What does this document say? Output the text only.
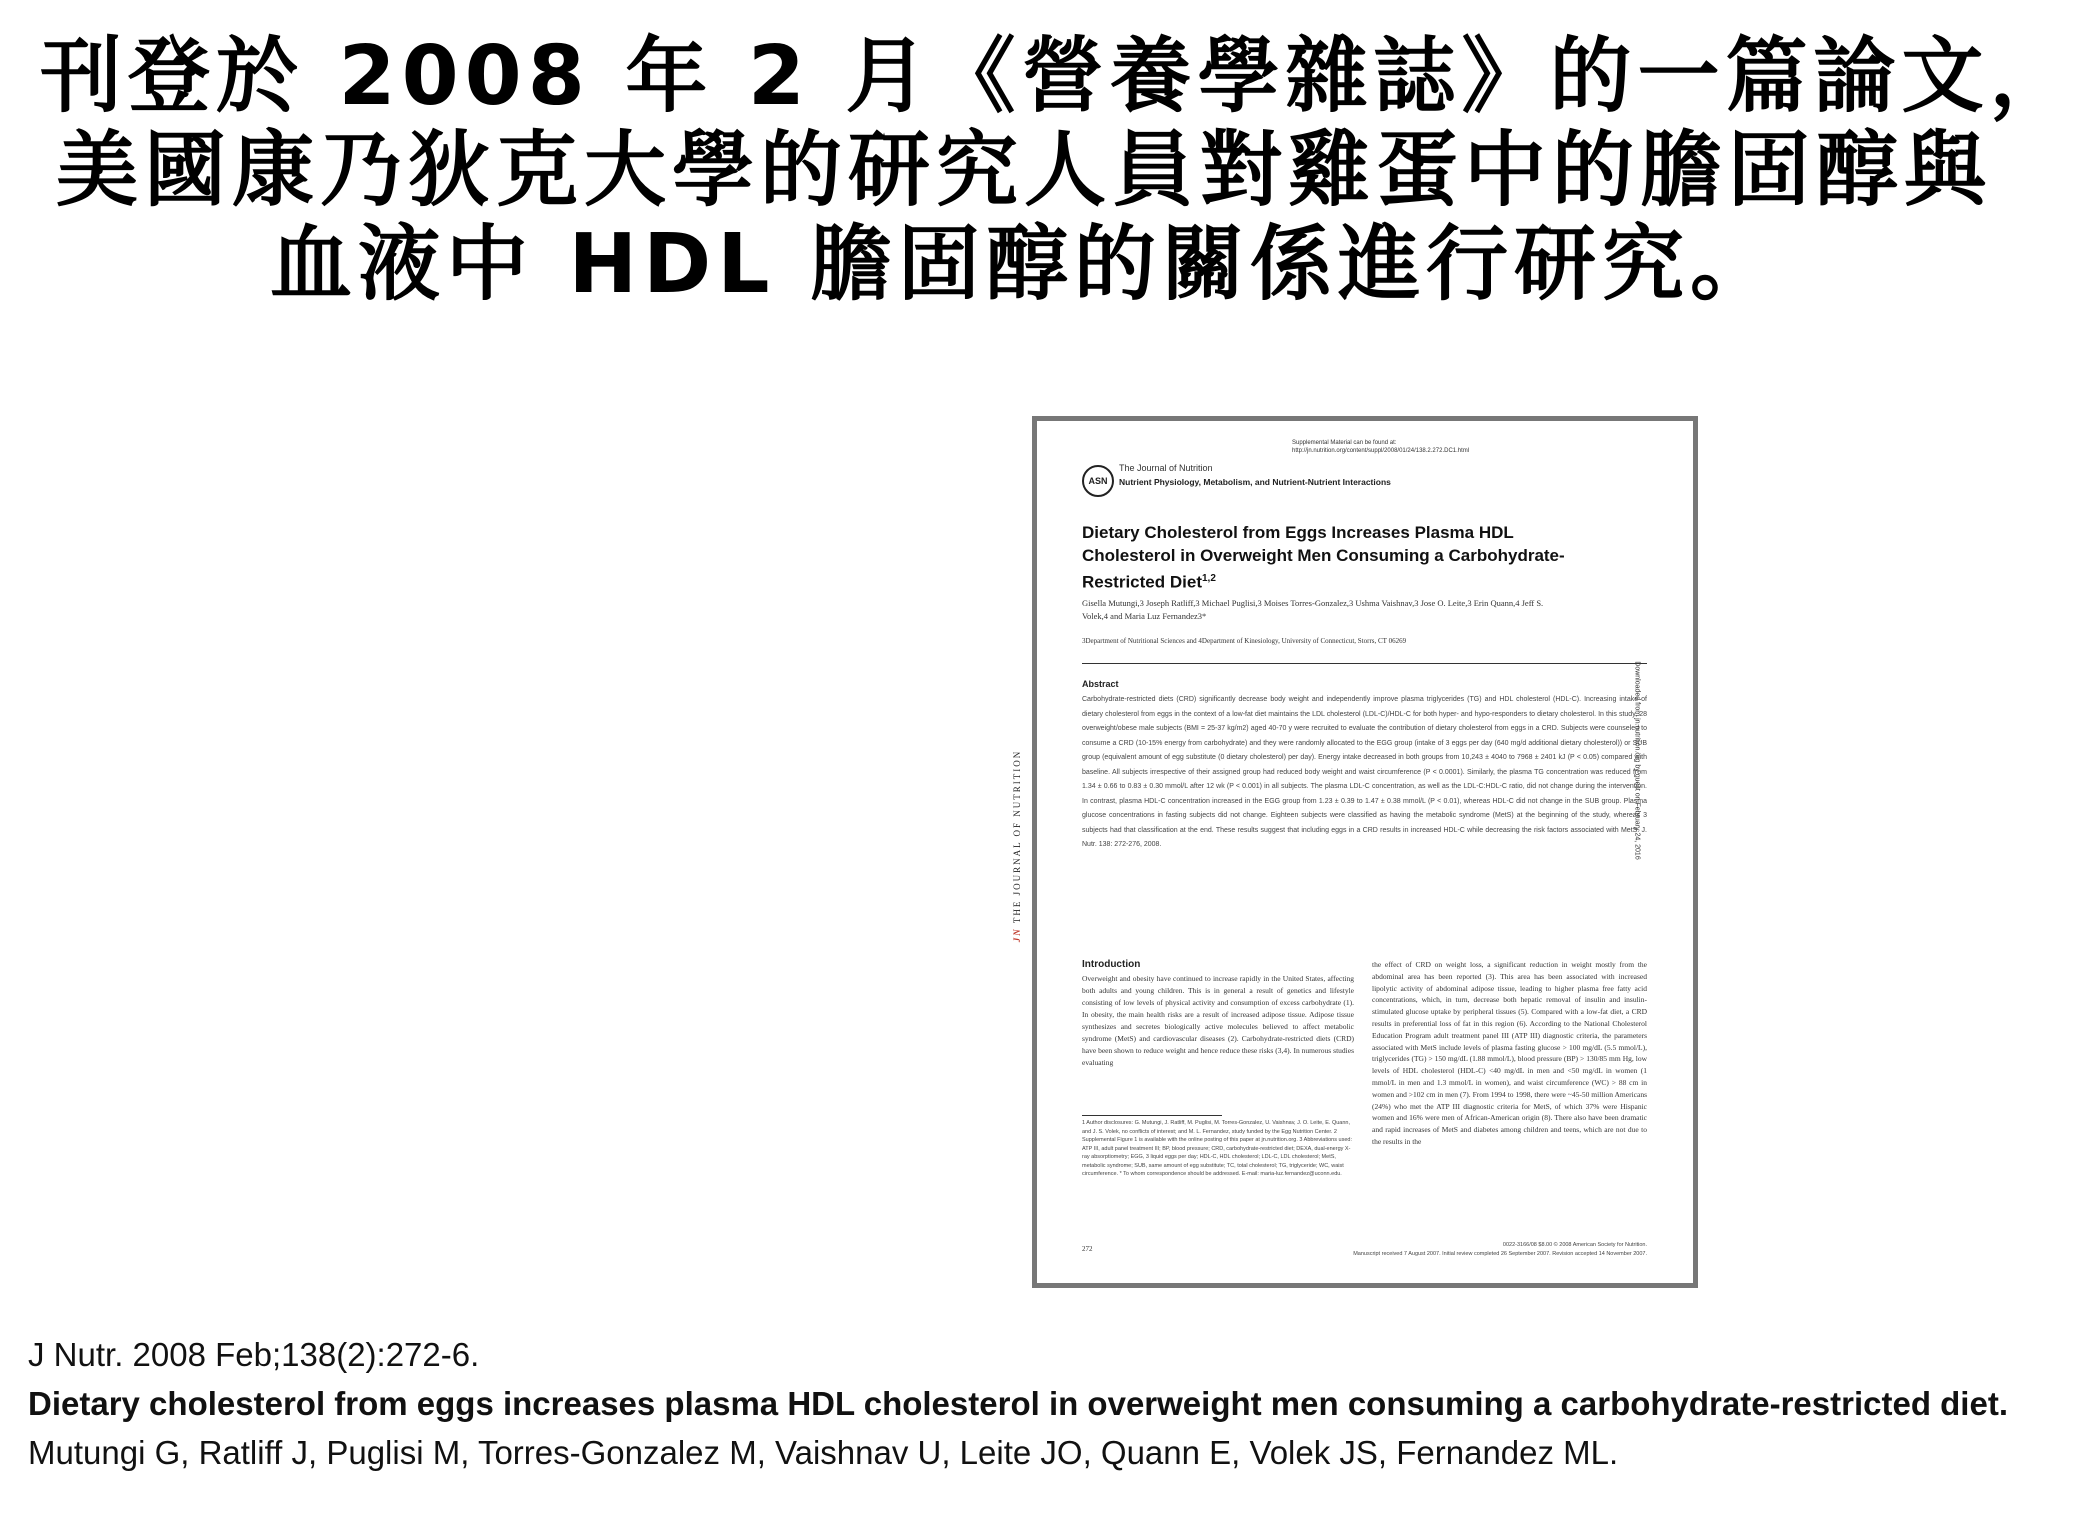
刊登於 2008 年 2 月《營養學雜誌》的一篇論文，
美國康乃狄克大學的研究人員對雞蛋中的膽固醇與
血液中 HDL 膽固醇的關係進行研究。
Supplemental Material can be found at: http://jn.nutrition.org/content/suppl/2008/01/24/138.2.272.DC1.html
ASN
The Journal of Nutrition
Nutrient Physiology, Metabolism, and Nutrient-Nutrient Interactions
Dietary Cholesterol from Eggs Increases Plasma HDL Cholesterol in Overweight Men Consuming a Carbohydrate-Restricted Diet$^{1,2}$
Gisella Mutungi,3 Joseph Ratliff,3 Michael Puglisi,3 Moises Torres-Gonzalez,3 Ushma Vaishnav,3 Jose O. Leite,3 Erin Quann,4 Jeff S. Volek,4 and Maria Luz Fernandez3*
3Department of Nutritional Sciences and 4Department of Kinesiology, University of Connecticut, Storrs, CT 06269
Abstract
Carbohydrate-restricted diets (CRD) significantly decrease body weight and independently improve plasma triglycerides (TG) and HDL cholesterol (HDL-C). Increasing intake of dietary cholesterol from eggs in the context of a low-fat diet maintains the LDL cholesterol (LDL-C)/HDL-C for both hyper- and hypo-responders to dietary cholesterol. In this study, 28 overweight/obese male subjects (BMI = 25-37 kg/m2) aged 40-70 y were recruited to evaluate the contribution of dietary cholesterol from eggs in a CRD. Subjects were counseled to consume a CRD (10-15% energy from carbohydrate) and they were randomly allocated to the EGG group (intake of 3 eggs per day (640 mg/d additional dietary cholesterol)) or SUB group (equivalent amount of egg substitute (0 dietary cholesterol) per day). Energy intake decreased in both groups from 10,243 ± 4040 to 7968 ± 2401 kJ (P < 0.05) compared with baseline. All subjects irrespective of their assigned group had reduced body weight and waist circumference (P < 0.0001). Similarly, the plasma TG concentration was reduced from 1.34 ± 0.66 to 0.83 ± 0.30 mmol/L after 12 wk (P < 0.001) in all subjects. The plasma LDL-C concentration, as well as the LDL-C:HDL-C ratio, did not change during the intervention. In contrast, plasma HDL-C concentration increased in the EGG group from 1.23 ± 0.39 to 1.47 ± 0.38 mmol/L (P < 0.01), whereas HDL-C did not change in the SUB group. Plasma glucose concentrations in fasting subjects did not change. Eighteen subjects were classified as having the metabolic syndrome (MetS) at the beginning of the study, whereas 3 subjects had that classification at the end. These results suggest that including eggs in a CRD results in increased HDL-C while decreasing the risk factors associated with MetS. J. Nutr. 138: 272-276, 2008.
Introduction
Overweight and obesity have continued to increase rapidly in the United States, affecting both adults and young children. This is in general a result of genetics and lifestyle consisting of low levels of physical activity and consumption of excess carbohydrate (1). In obesity, the main health risks are a result of increased adipose tissue. Adipose tissue synthesizes and secretes biologically active molecules believed to affect metabolic syndrome (MetS) and cardiovascular diseases (2). Carbohydrate-restricted diets (CRD) have been shown to reduce weight and hence reduce these risks (3,4). In numerous studies evaluating
the effect of CRD on weight loss, a significant reduction in weight mostly from the abdominal area has been reported (3). This area has been associated with increased lipolytic activity of abdominal adipose tissue, leading to higher plasma free fatty acid concentrations, which, in turn, decrease both hepatic removal of insulin and insulin-stimulated glucose uptake by peripheral tissues (5). Compared with a low-fat diet, a CRD results in preferential loss of fat in this region (6). According to the National Cholesterol Education Program adult treatment panel III (ATP III) diagnostic criteria, the parameters associated with MetS include levels of plasma fasting glucose > 100 mg/dL (5.5 mmol/L), triglycerides (TG) > 150 mg/dL (1.88 mmol/L), blood pressure (BP) > 130/85 mm Hg, low levels of HDL cholesterol (HDL-C) <40 mg/dL in men and <50 mg/dL in women (1 mmol/L in men and 1.3 mmol/L in women), and waist circumference (WC) > 88 cm in women and >102 cm in men (7). From 1994 to 1998, there were ~45-50 million Americans (24%) who met the ATP III diagnostic criteria for MetS, of which 37% were Hispanic women and 16% were men of African-American origin (8). There also have been dramatic and rapid increases of MetS and diabetes among children and teens, which are not due to the results in the
1 Author disclosures: G. Mutungi, J. Ratliff, M. Puglisi, M. Torres-Gonzalez, U. Vaishnav, J. O. Leite, E. Quann, and J. S. Volek, no conflicts of interest; and M. L. Fernandez, study funded by the Egg Nutrition Center. 2 Supplemental Figure 1 is available with the online posting of this paper at jn.nutrition.org. 3 Abbreviations used: ATP III, adult panel treatment III; BP, blood pressure; CRD, carbohydrate-restricted diet; DEXA, dual-energy X-ray absorptiometry; EGG, 3 liquid eggs per day; HDL-C, HDL cholesterol; LDL-C, LDL cholesterol; MetS, metabolic syndrome; SUB, same amount of egg substitute; TC, total cholesterol; TG, triglyceride; WC, waist circumference. * To whom correspondence should be addressed. E-mail: maria-luz.fernandez@uconn.edu.
272	0022-3166/08 $8.00 © 2008 American Society for Nutrition.
Manuscript received 7 August 2007. Initial review completed 26 September 2007. Revision accepted 14 November 2007.
JN THE JOURNAL OF NUTRITION	Downloaded from jn.nutrition.org by guest on February 24, 2016
J Nutr. 2008 Feb;138(2):272-6.
Dietary cholesterol from eggs increases plasma HDL cholesterol in overweight men consuming a carbohydrate-restricted diet.
Mutungi G, Ratliff J, Puglisi M, Torres-Gonzalez M, Vaishnav U, Leite JO, Quann E, Volek JS, Fernandez ML.
